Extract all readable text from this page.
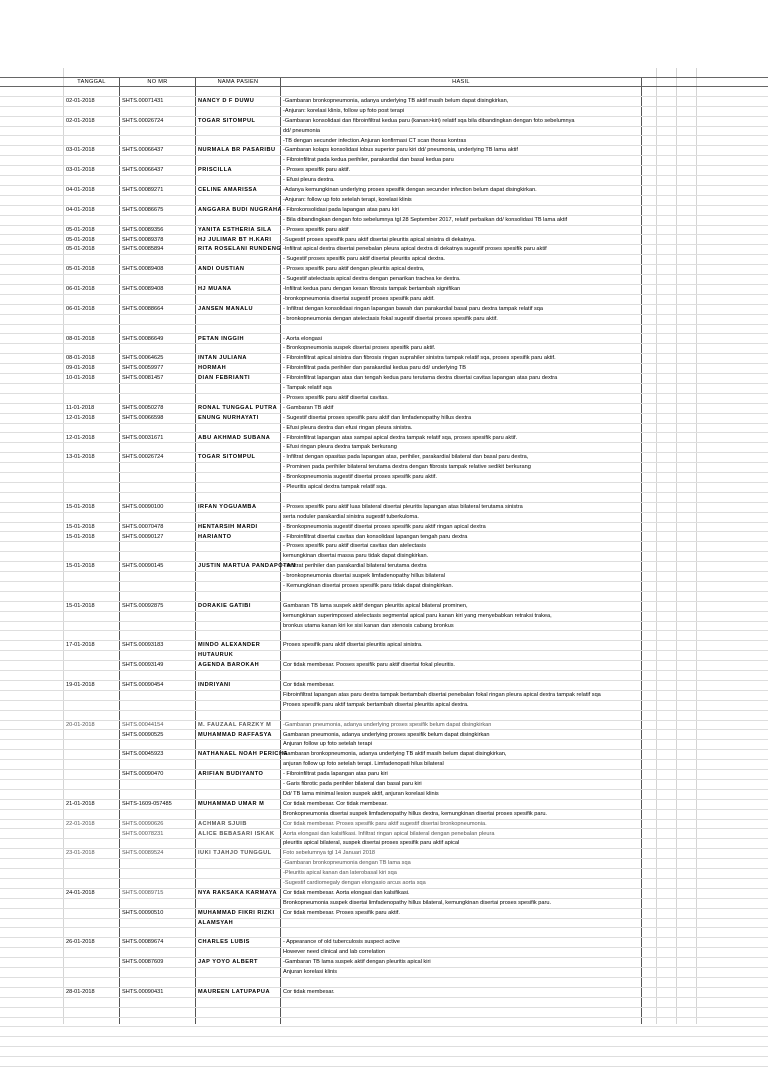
TANGGAL	NO MR	NAMA PASIEN	HASIL
02-01-2018	SHTS.00071431	NANCY D F DUWU	-Gambaran bronkopneumonia, adanya underlying TB aktif masih belum dapat disingkirkan,
-Anjuran: korelasi klinis, follow up foto post terapi
02-01-2018	SHTS.00026724	TOGAR SITOMPUL	-Gambaran konsolidasi dan fibroinfiltrat kedua paru (kanan>kiri) relatif sqa bila dibandingkan dengan foto sebelumnya
dd/ pneumonia
-TB dengan secunder infection.Anjuran konfirmasi CT scan thorax kontras
03-01-2018	SHTS.00066437	NURMALA BR PASARIBU	-Gambaran kolaps konsolidasi lobus superior paru kiri dd/ pneumonia, underlying TB lama aktif
- Fibroinfiltrat pada kedua perihiler, parakardial dan basal kedua paru
03-01-2018	SHTS.00066437	PRISCILLA	- Proses spesifik paru aktif.
- Efusi pleura dextra.
04-01-2018	SHTS.00089271	CELINE AMARISSA	-Adanya kemungkinan underlying proses spesifik dengan secunder infection belum dapat disingkirkan.
-Anjuran: follow up foto setelah terapi, korelasi klinis
04-01-2018	SHTS.00086675	ANGGARA BUDI NUGRAHA - Fibrokonsolidasi pada lapangan atas paru kiri
- Bila dibandingkan dengan foto sebelumnya tgl 28 September 2017, relatif perbaikan dd/ konsolidasi TB lama aktif
05-01-2018	SHTS.00089356	YANITA ESTHERIA SILA	- Proses spesifik paru aktif
05-01-2018	SHTS.00089378	HJ JULIMAR BT H.KARI	-Sugestif proses spesifik paru aktif disertai pleuritis apical sinistra di dekatnya.
05-01-2018	SHTS.00085894	RITA ROSELANI RUNDENG -Infiltrat apical dextra disertai penebalan pleura apical dextra di dekatnya sugestif proses spesifik paru aktif
- Sugestif proses spesifik paru aktif disertai pleuritis apical dextra.
05-01-2018	SHTS.00089408	ANDI OUSTIAN	- Proses spesifik paru aktif dengan pleuritis apical dextra,
- Sugestif atelectasis apical dextra dengan penarikan trachea ke dextra.
06-01-2018	SHTS.00089408	HJ MUANA	-Infiltrat kedua paru dengan kesan fibrosis tampak bertambah signifikan
-bronkopneumonia disertai sugestif proses spesifik paru aktif.
06-01-2018	SHTS.00088664	JANSEN MANALU	- Infiltrat dengan konsolidasi ringan lapangan bawah dan parakardial basal paru dextra tampak relatif sqa
- bronkopneumonia dengan atelectasis fokal sugestif disertai proses spesifik paru aktif.
08-01-2018	SHTS.00086649	PETAN INGGIH	- Aorta elongasi
- Bronkopneumonia suspek disertai proses spesifik paru aktif.
08-01-2018	SHTS.00064625	INTAN JULIANA	- Fibroinfiltrat apical sinistra dan fibrosis ringan suprahiler sinistra tampak relatif sqa, proses spesifik paru aktif.
09-01-2018	SHTS.00059977	HORMAH	- Fibroinfiltrat pada perihiler dan parakardial kedua paru dd/ underlying TB
10-01-2018	SHTS.00081457	DIAN FEBRIANTI	- Fibroinfiltrat lapangan atas dan tengah kedua paru terutama dextra disertai cavitas lapangan atas paru dextra
- Tampak relatif sqa
- Proses spesifik paru aktif disertai cavitas.
11-01-2018	SHTS.00050278	RONAL TUNGGAL PUTRA	- Gambaran TB aktif
12-01-2018	SHTS.00066598	ENUNG NURHAYATI	- Sugestif disertai proses spesifik paru aktif dan limfadenopathy hillus dextra
- Efusi pleura dextra dan efusi ringan pleura sinistra.
12-01-2018	SHTS.00031671	ABU AKHMAD SUBANA	- Fibroinfiltrat lapangan atas sampai apical dextra tampak relatif sqa, proses spesifik paru aktif.
- Efusi ringan pleura dextra tampak berkurang
13-01-2018	SHTS.00026724	TOGAR SITOMPUL	- Infiltrat dengan opasitas pada lapangan atas, perihiler, parakardial bilateral dan basal paru dextra,
- Prominen pada perihiler bilateral terutama dextra dengan fibrosis tampak relative sedikit berkurang
- Bronkopneumonia sugestif disertai proses spesifik paru aktif.
- Pleuritis apical dextra tampak relatif sqa.
15-01-2018	SHTS.00090100	IRFAN YOGUAMBA	- Proses spesifik paru aktif luas bilateral disertai pleuritis lapangan atas bilateral terutama sinistra
serta noduler parakardial sinistra sugestif tuberkuloma.
15-01-2018	SHTS.00070478	HENTARSIH MARDI	- Bronkopneumonia sugestif disertai proses spesifik paru aktif ringan apical dextra
15-01-2018	SHTS.00090127	HARIANTO	- Fibroinfiltrat disertai cavitas dan konsolidasi lapangan tengah paru dextra
- Proses spesifik paru aktif disertai cavitas dan atelectasis
kemungkinan disertai massa paru tidak dapat disingkirkan.
15-01-2018	SHTS.00090145	JUSTIN MARTUA PANDAPOTAN
- Infiltrat perihiler dan parakardial bilateral terutama dextra
- bronkopneumonia disertai suspek limfadenopathy hillus bilateral
- Kemungkinan disertai proses spesifik paru tidak dapat disingkirkan.
15-01-2018	SHTS.00092875	DORAKIE GATIBI	Gambaran TB lama suspek aktif dengan pleuritis apical bilateral prominen,
kemungkinan superimposed atelectasis segmental apical paru kanan kiri yang menyebabkan retraksi trakea,
bronkus utama kanan kiri ke sisi kanan dan stenosis cabang bronkus
17-01-2018	SHTS.00093183	MINDO ALEXANDER	Proses spesifik paru aktif disertai pleuritis apical sinistra.
HUTAURUK
SHTS.00093149	AGENDA BAROKAH	Cor tidak membesar. Pooses spesifik paru aktif disertai fokal pleuritis.
19-01-2018	SHTS.00090454	INDRIYANI	Cor tidak membesar.
Fibroinfiltrat lapangan atas paru dextra tampak bertambah disertai penebalan fokal ringan pleura apical dextra tampak relatif sqa
Proses spesifik paru aktif tampak bertambah disertai pleuritis apical dextra.
20-01-2018	SHTS.00044154	M. FAUZAAL FARZKY M	-Gambaran pneumonia, adanya underlying proses spesifik belum dapat disingkirkan
SHTS.00090525	MUHAMMAD RAFFASYA	Gambaran pneumonia, adanya underlying proses spesifik belum dapat disingkirkan
Anjuran follow up foto setelah terapi
SHTS.00045923	NATHANAEL NOAH PERICHA
Gambaran bronkopneumonia, adanya underlying TB aktif masih belum dapat disingkirkan,
anjuran follow up foto setelah terapi. Limfadenopati hilus bilateral
SHTS.00090470	ARIFIAN BUDIYANTO	- Fibroinfiltrat pada lapangan atas paru kiri
- Garis fibrotic pada perihiler bilateral dan basal paru kiri
Dd/ TB lama minimal lesion suspek aktif, anjuran korelasi klinis
21-01-2018	SHTS-1609-057485	MUHAMMAD UMAR M	Cor tidak membesar. Cor tidak membesar.
Bronkopneumonia disertai suspek limfadenopathy hillus dextra, kemungkinan disertai proses spesifik paru.
22-01-2018	SHTS.00090626	ACHMAR SJUIB	Cor tidak membesar. Proses spesifik paru aktif sugestif disertai bronkopneumonia.
SHTS.00078231	ALICE BEBASARI ISKAK	Aorta elongasi dan kalsifikasi. Infiltrat ringan apical bilateral dengan penebalan pleura
pleuritis apical bilateral, suspek disertai proses spesifik paru aktif apical
23-01-2018	SHTS.00089524	IUKI TJAHJO TUNGGUL	Foto sebelumnya tgl 14 Januari 2018
-Gambaran bronkopneumonia dengan TB lama sqa
-Pleuritis apical kanan dan laterobasal kiri sqa
-Sugestif cardiomegaly dengan elongasio arcus aorta sqa
24-01-2018	SHTS.00089715	NYA RAKSAKA KARMAYA	Cor tidak membesar. Aorta elongasi dan kalsifikasi.
Bronkopneumonia suspek disertai limfadenopathy hillus bilateral, kemungkinan disertai proses spesifik paru.
SHTS.00090510	MUHAMMAD FIKRI RIZKI	Cor tidak membesar. Proses spesifik paru aktif.
ALAMSYAH
26-01-2018	SHTS.00089674	CHARLES LUBIS	- Appearance of old tuberculosis suspect active
However need clinical and lab correlation
SHTS.00087609	JAP YOYO ALBERT	-Gambaran TB lama suspek aktif dengan pleuritis apical kiri
Anjuran korelasi klinis
28-01-2018	SHTS.00090431	MAUREEN LATUPAPUA	Cor tidak membesar.
